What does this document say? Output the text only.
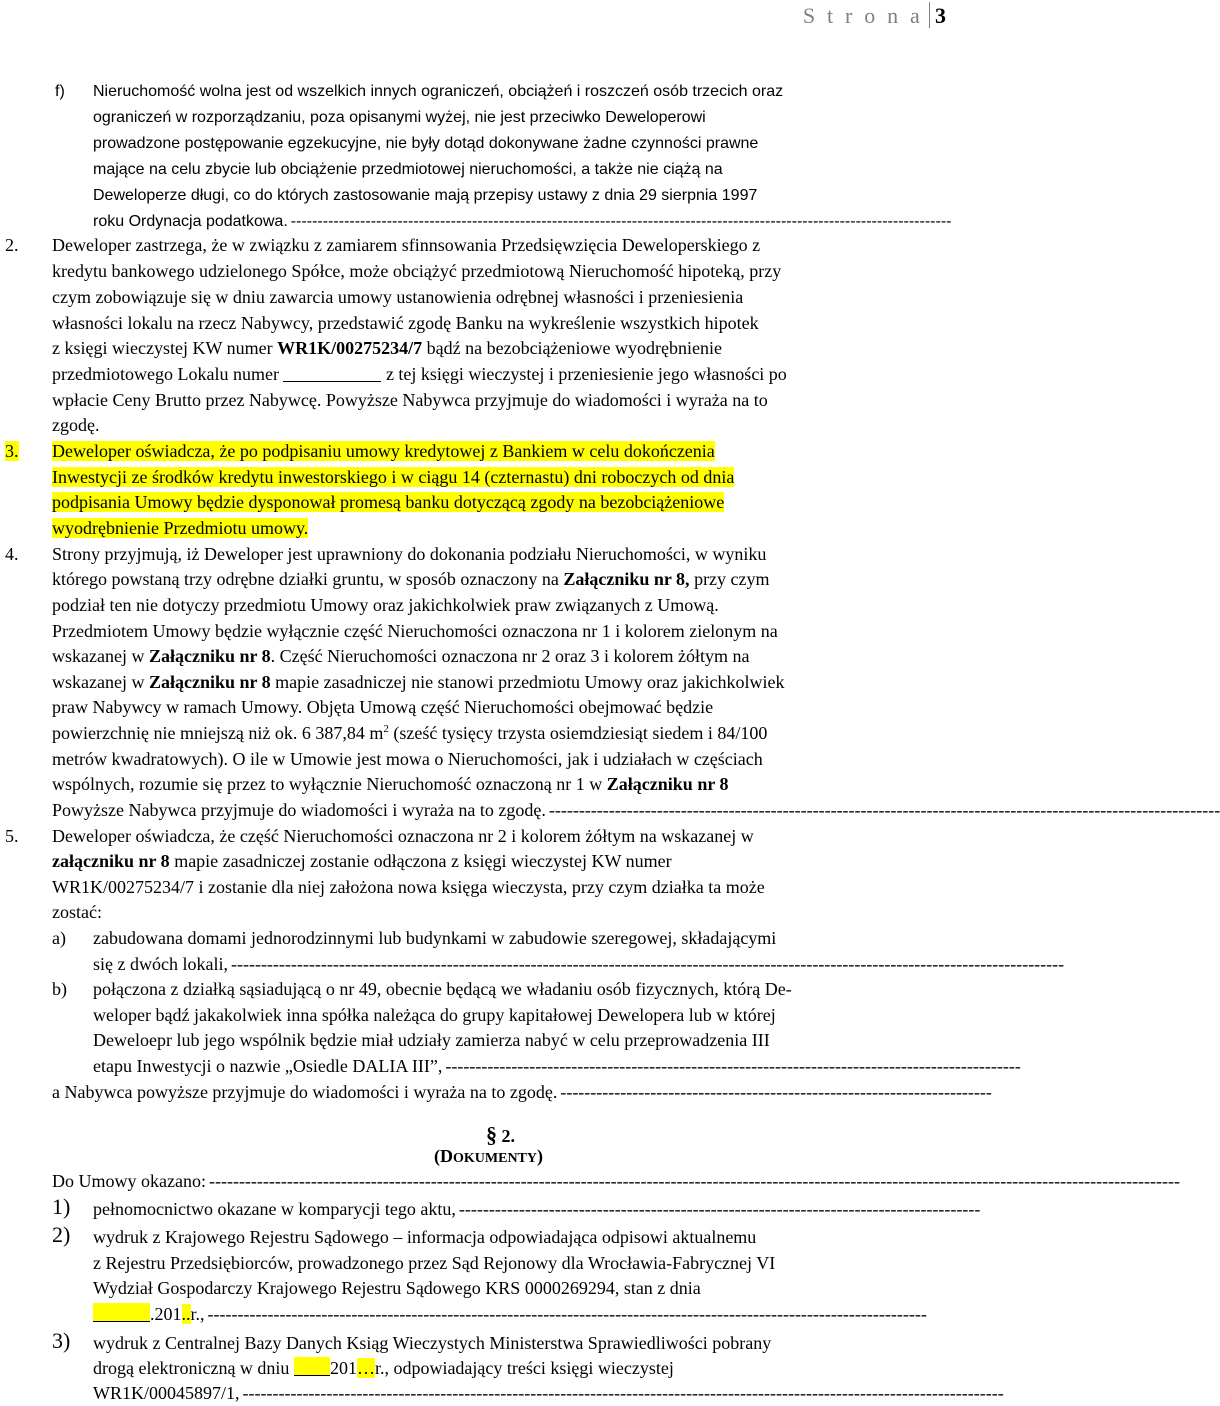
S t r o n a 3
f) Nieruchomość wolna jest od wszelkich innych ograniczeń, obciążeń i roszczeń osób trzecich oraz
ograniczeń w rozporządzaniu, poza opisanymi wyżej, nie jest przeciwko Deweloperowi
prowadzone postępowanie egzekucyjne, nie były dotąd dokonywane żadne czynności prawne
mające na celu zbycie lub obciążenie przedmiotowej nieruchomości, a także nie ciążą na
Deweloperze długi, co do których zastosowanie mają przepisy ustawy z dnia 29 sierpnia 1997
roku Ordynacja podatkowa. ----------------------------------------------------------------------------------------------------------------------------
2. Deweloper zastrzega, że w związku z zamiarem sfinnsowania Przedsięwzięcia Deweloperskiego z
kredytu bankowego udzielonego Spółce, może obciążyć przedmiotową Nieruchomość hipoteką, przy
czym zobowiązuje się w dniu zawarcia umowy ustanowienia odrębnej własności i przeniesienia
własności lokalu na rzecz Nabywcy, przedstawić zgodę Banku na wykreślenie wszystkich hipotek
z księgi wieczystej KW numer WR1K/00275234/7 bądź na bezobciążeniowe wyodrębnienie
przedmiotowego Lokalu numer	z tej księgi wieczystej i przeniesienie jego własności po
wpłacie Ceny Brutto przez Nabywcę. Powyższe Nabywca przyjmuje do wiadomości i wyraża na to
zgodę.
3. Deweloper oświadcza, że po podpisaniu umowy kredytowej z Bankiem w celu dokończenia
Inwestycji ze środków kredytu inwestorskiego i w ciągu 14 (czternastu) dni roboczych od dnia
podpisania Umowy będzie dysponował promesą banku dotyczącą zgody na bezobciążeniowe
wyodrębnienie Przedmiotu umowy.
4. Strony przyjmują, iż Deweloper jest uprawniony do dokonania podziału Nieruchomości, w wyniku
którego powstaną trzy odrębne działki gruntu, w sposób oznaczony na Załączniku nr 8, przy czym
podział ten nie dotyczy przedmiotu Umowy oraz jakichkolwiek praw związanych z Umową.
Przedmiotem Umowy będzie wyłącznie część Nieruchomości oznaczona nr 1 i kolorem zielonym na
wskazanej w Załączniku nr 8. Część Nieruchomości oznaczona nr 2 oraz 3 i kolorem żółtym na
wskazanej w Załączniku nr 8 mapie zasadniczej nie stanowi przedmiotu Umowy oraz jakichkolwiek
praw Nabywcy w ramach Umowy. Objęta Umową część Nieruchomości obejmować będzie
powierzchnię nie mniejszą niż ok. 6 387,84 $m^2$ (sześć tysięcy trzysta osiemdziesiąt siedem i 84/100
metrów kwadratowych). O ile w Umowie jest mowa o Nieruchomości, jak i udziałach w częściach
wspólnych, rozumie się przez to wyłącznie Nieruchomość oznaczoną nr 1 w Załączniku nr 8
Powyższe Nabywca przyjmuje do wiadomości i wyraża na to zgodę. ----------------------------------------------------------------------------------------------------------------
5. Deweloper oświadcza, że część Nieruchomości oznaczona nr 2 i kolorem żółtym na wskazanej w
załączniku nr 8 mapie zasadniczej zostanie odłączona z księgi wieczystej KW numer
WR1K/00275234/7 i zostanie dla niej założona nowa księga wieczysta, przy czym działka ta może
zostać:
a) zabudowana domami jednorodzinnymi lub budynkami w zabudowie szeregowej, składającymi
się z dwóch lokali, -------------------------------------------------------------------------------------------------------------------------------------------
b) połączona z działką sąsiadującą o nr 49, obecnie będącą we władaniu osób fizycznych, którą De-
weloper bądź jakakolwiek inna spółka należąca do grupy kapitałowej Dewelopera lub w której
Deweloepr lub jego wspólnik będzie miał udziały zamierza nabyć w celu przeprowadzenia III
etapu Inwestycji o nazwie „Osiedle DALIA III”, ------------------------------------------------------------------------------------------------
a Nabywca powyższe przyjmuje do wiadomości i wyraża na to zgodę. ------------------------------------------------------------------------
§ 2.
(DOKUMENTY)
Do Umowy okazano: ------------------------------------------------------------------------------------------------------------------------------------------------------------------
1) pełnomocnictwo okazane w komparycji tego aktu, ---------------------------------------------------------------------------------------
2) wydruk z Krajowego Rejestru Sądowego – informacja odpowiadająca odpisowi aktualnemu
z Rejestru Przedsiębiorców, prowadzonego przez Sąd Rejonowy dla Wrocławia-Fabrycznej VI
Wydział Gospodarczy Krajowego Rejestru Sądowego KRS 0000269294, stan z dnia
.201..r., ------------------------------------------------------------------------------------------------------------------------
3) wydruk z Centralnej Bazy Danych Ksiąg Wieczystych Ministerstwa Sprawiedliwości pobrany
drogą elektroniczną w dniu 201…r., odpowiadający treści księgi wieczystej
WR1K/00045897/1, -------------------------------------------------------------------------------------------------------------------------------
